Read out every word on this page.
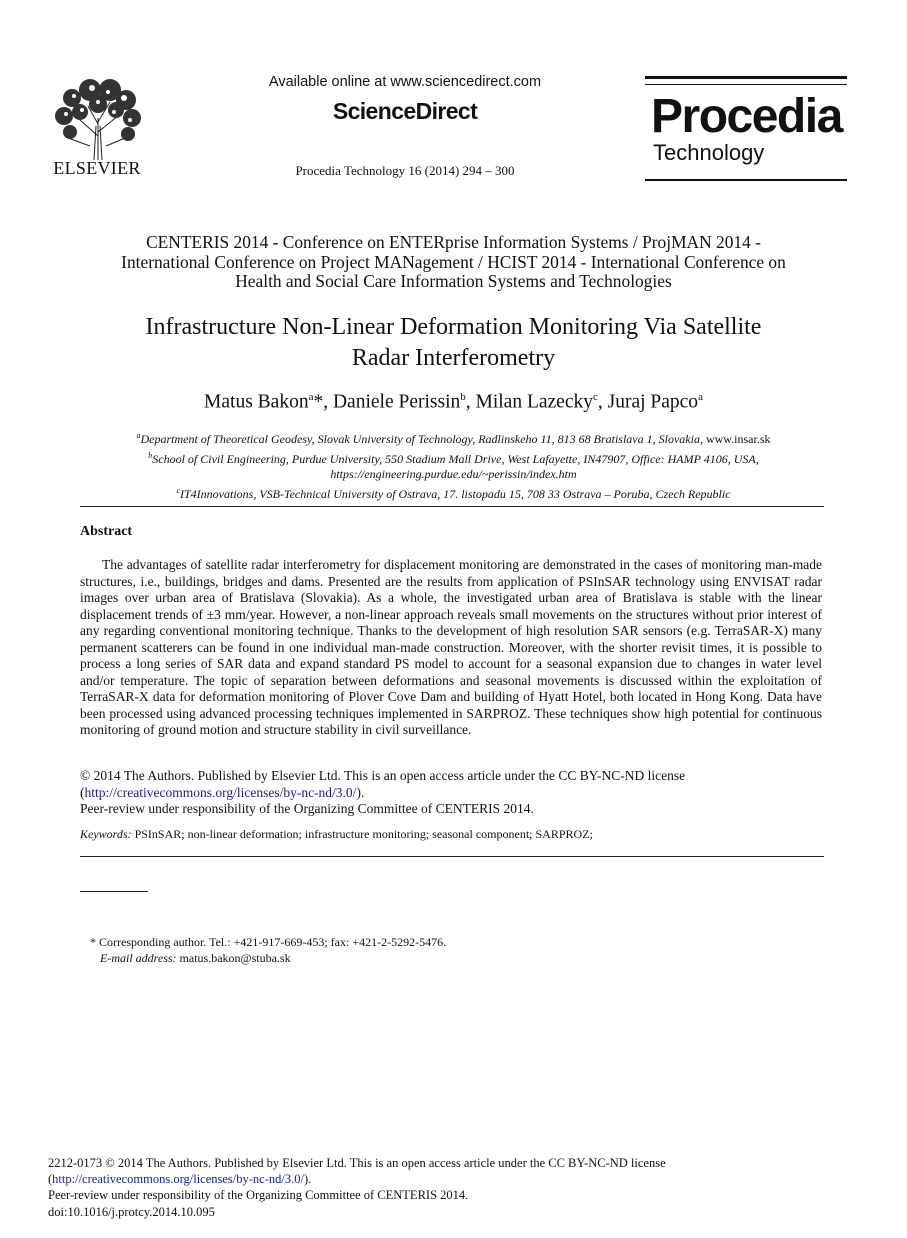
ELSEVIER
Available online at www.sciencedirect.com
ScienceDirect
Procedia Technology 16 (2014) 294 – 300
Procedia
Technology
CENTERIS 2014 - Conference on ENTERprise Information Systems / ProjMAN 2014 -
International Conference on Project MANagement / HCIST 2014 - International Conference on
Health and Social Care Information Systems and Technologies
Infrastructure Non-Linear Deformation Monitoring Via Satellite
Radar Interferometry
Matus Bakon$^a$*, Daniele Perissin$^b$, Milan Lazecky$^c$, Juraj Papco$^a$
$^a$Department of Theoretical Geodesy, Slovak University of Technology, Radlinskeho 11, 813 68 Bratislava 1, Slovakia, www.insar.sk
$^b$School of Civil Engineering, Purdue University, 550 Stadium Mall Drive, West Lafayette, IN47907, Office: HAMP 4106, USA,
https://engineering.purdue.edu/~perissin/index.htm
$^c$IT4Innovations, VSB-Technical University of Ostrava, 17. listopadu 15, 708 33 Ostrava – Poruba, Czech Republic
Abstract
The advantages of satellite radar interferometry for displacement monitoring are demonstrated in the cases of monitoring man-made structures, i.e., buildings, bridges and dams. Presented are the results from application of PSInSAR technology using ENVISAT radar images over urban area of Bratislava (Slovakia). As a whole, the investigated urban area of Bratislava is stable with the linear displacement trends of ±3 mm/year. However, a non-linear approach reveals small movements on the structures without prior interest of any regarding conventional monitoring technique. Thanks to the development of high resolution SAR sensors (e.g. TerraSAR-X) many permanent scatterers can be found in one individual man-made construction. Moreover, with the shorter revisit times, it is possible to process a long series of SAR data and expand standard PS model to account for a seasonal expansion due to changes in water level and/or temperature. The topic of separation between deformations and seasonal movements is discussed within the exploitation of TerraSAR-X data for deformation monitoring of Plover Cove Dam and building of Hyatt Hotel, both located in Hong Kong. Data have been processed using advanced processing techniques implemented in SARPROZ. These techniques show high potential for continuous monitoring of ground motion and structure stability in civil surveillance.
© 2014 The Authors. Published by Elsevier Ltd. This is an open access article under the CC BY-NC-ND license
(http://creativecommons.org/licenses/by-nc-nd/3.0/).
Peer-review under responsibility of the Organizing Committee of CENTERIS 2014.
Keywords: PSInSAR; non-linear deformation; infrastructure monitoring; seasonal component; SARPROZ;
* Corresponding author. Tel.: +421-917-669-453; fax: +421-2-5292-5476.
E-mail address: matus.bakon@stuba.sk
2212-0173 © 2014 The Authors. Published by Elsevier Ltd. This is an open access article under the CC BY-NC-ND license
(http://creativecommons.org/licenses/by-nc-nd/3.0/).
Peer-review under responsibility of the Organizing Committee of CENTERIS 2014.
doi:10.1016/j.protcy.2014.10.095
